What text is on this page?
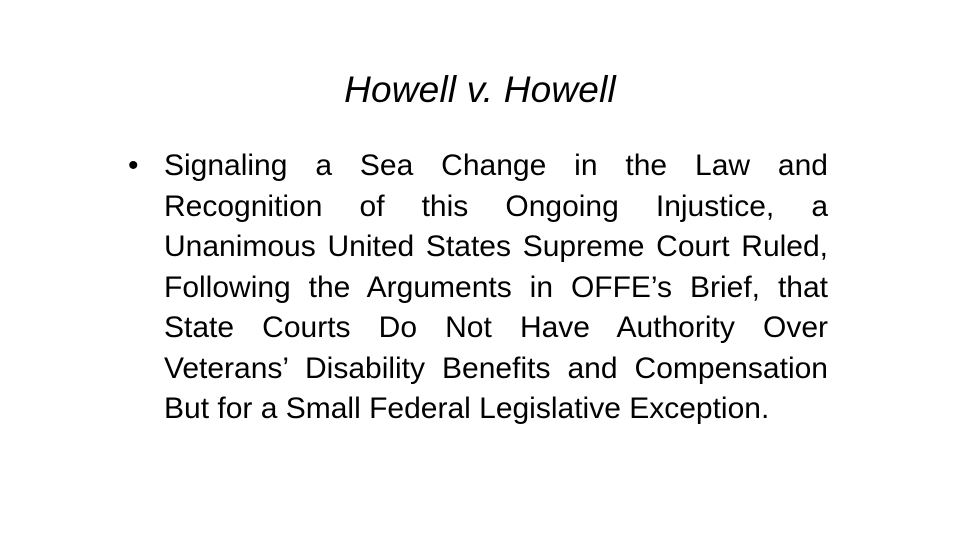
Howell v. Howell
• Signaling a Sea Change in the Law and Recognition of this Ongoing Injustice, a Unanimous United States Supreme Court Ruled, Following the Arguments in OFFE’s Brief, that State Courts Do Not Have Authority Over Veterans’ Disability Benefits and Compensation But for a Small Federal Legislative Exception.
